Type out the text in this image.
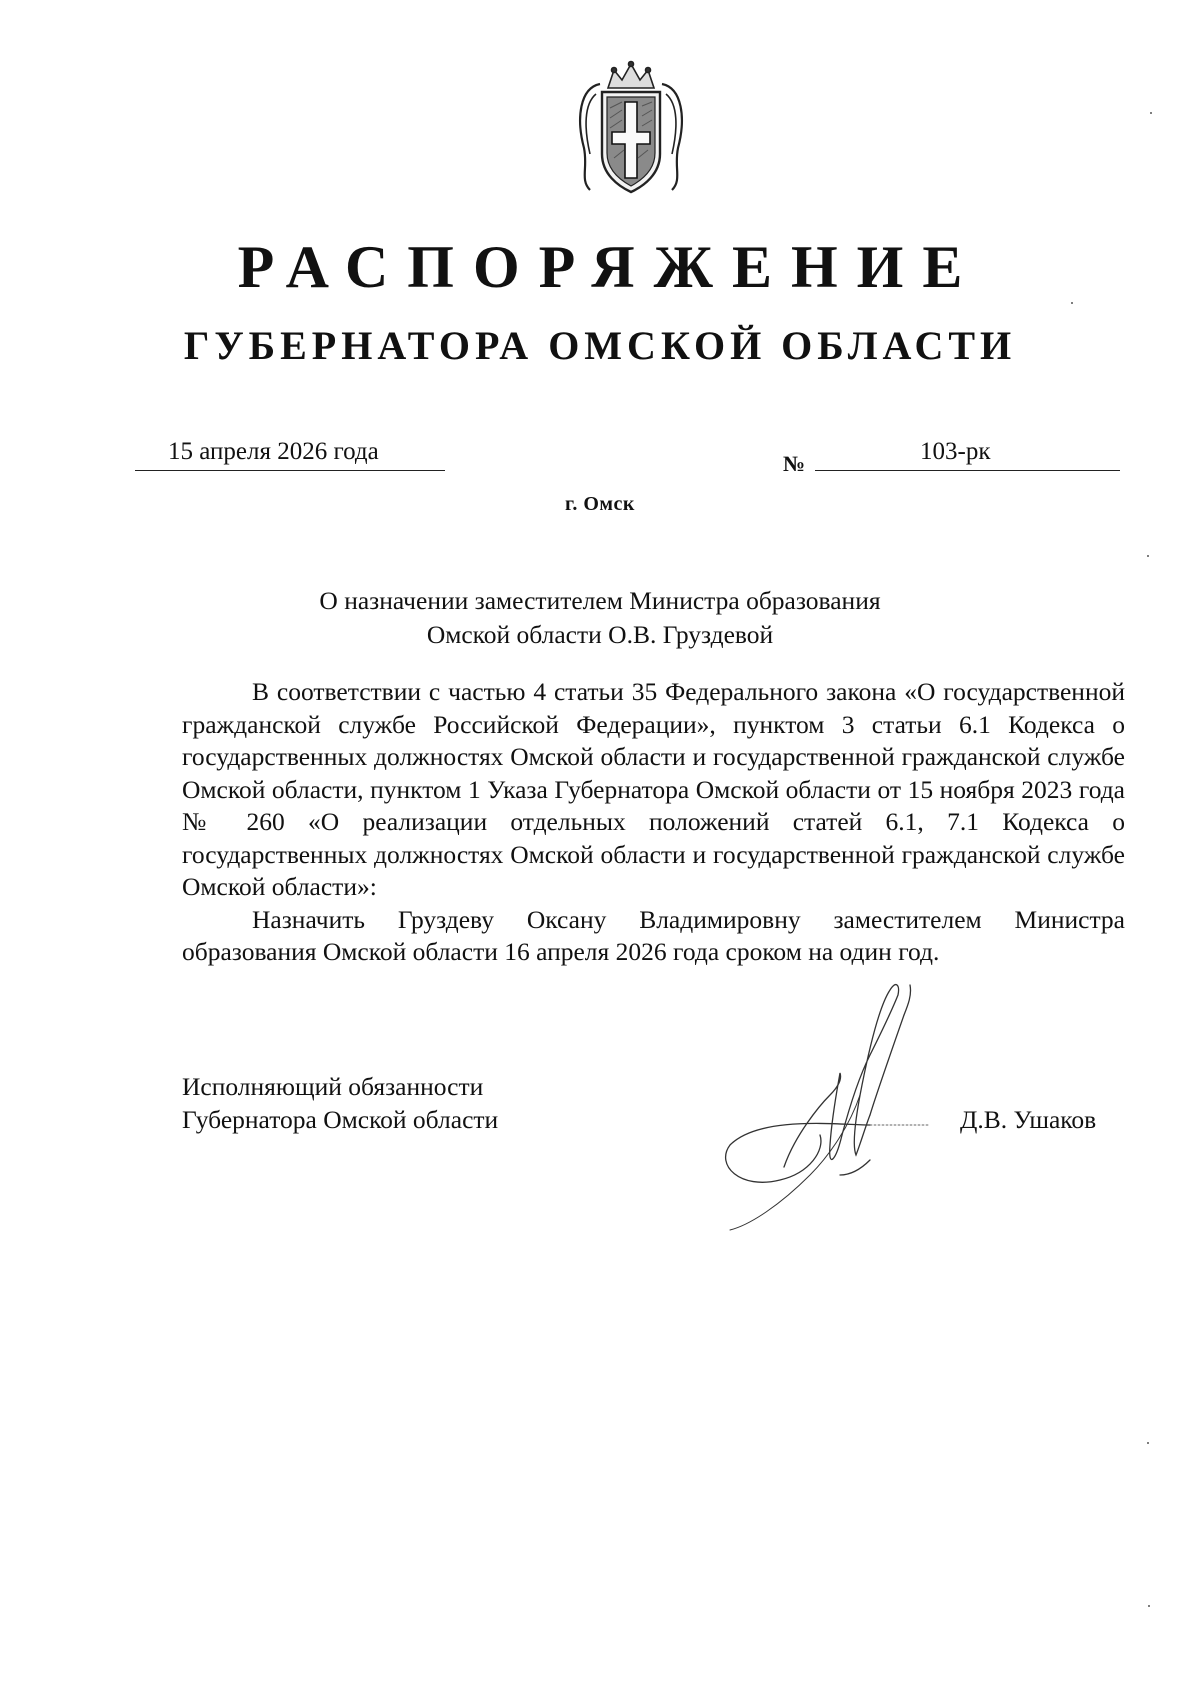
РАСПОРЯЖЕНИЕ
ГУБЕРНАТОРА ОМСКОЙ ОБЛАСТИ
15 апреля 2026 года	№	103-рк
г. Омск
О назначении заместителем Министра образования
Омской области О.В. Груздевой

В соответствии с частью 4 статьи 35 Федерального закона «О государственной гражданской службе Российской Федерации», пунктом 3 статьи 6.1 Кодекса о государственных должностях Омской области и государственной гражданской службе Омской области, пунктом 1 Указа Губернатора Омской области от 15 ноября 2023 года № 260 «О реализации отдельных положений статей 6.1, 7.1 Кодекса о государственных должностях Омской области и государственной гражданской службе Омской области»:

Назначить Груздеву Оксану Владимировну заместителем Министра образования Омской области 16 апреля 2026 года сроком на один год.

Исполняющий обязанности
Губернатора Омской области	Д.В. Ушаков
